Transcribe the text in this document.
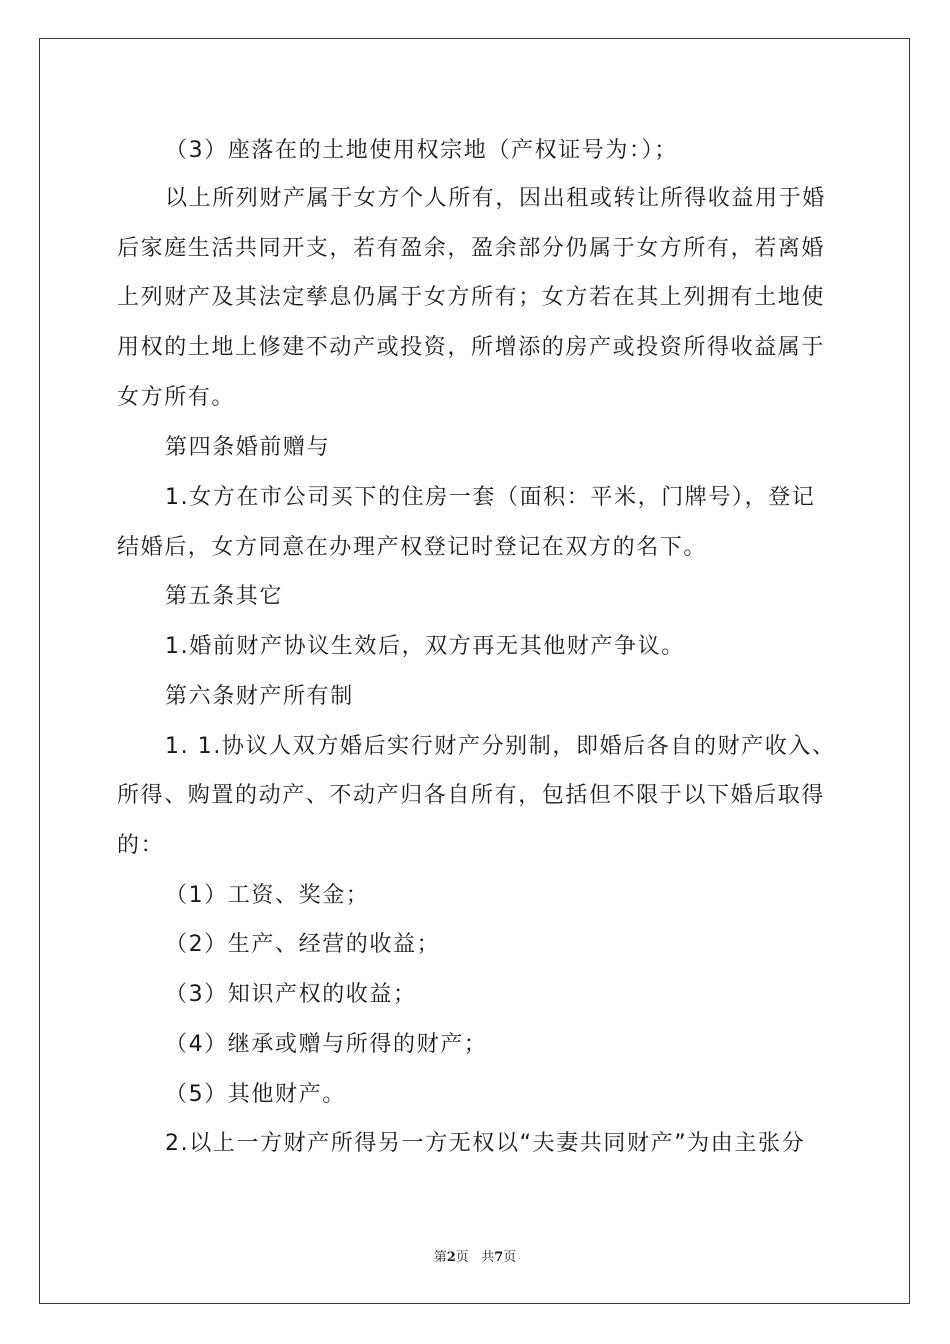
（3）座落在的土地使用权宗地（产权证号为：）；

以上所列财产属于女方个人所有，因出租或转让所得收益用于婚

后家庭生活共同开支，若有盈余，盈余部分仍属于女方所有，若离婚

上列财产及其法定孳息仍属于女方所有；女方若在其上列拥有土地使

用权的土地上修建不动产或投资，所增添的房产或投资所得收益属于

女方所有。

第四条婚前赠与

1.女方在市公司买下的住房一套（面积：平米，门牌号），登记

结婚后，女方同意在办理产权登记时登记在双方的名下。

第五条其它

1.婚前财产协议生效后，双方再无其他财产争议。

第六条财产所有制

1. 1.协议人双方婚后实行财产分别制，即婚后各自的财产收入、

所得、购置的动产、不动产归各自所有，包括但不限于以下婚后取得

的：

（1）工资、奖金；

（2）生产、经营的收益；

（3）知识产权的收益；

（4）继承或赠与所得的财产；

（5）其他财产。

2.以上一方财产所得另一方无权以“夫妻共同财产”为由主张分

第2页 共7页
